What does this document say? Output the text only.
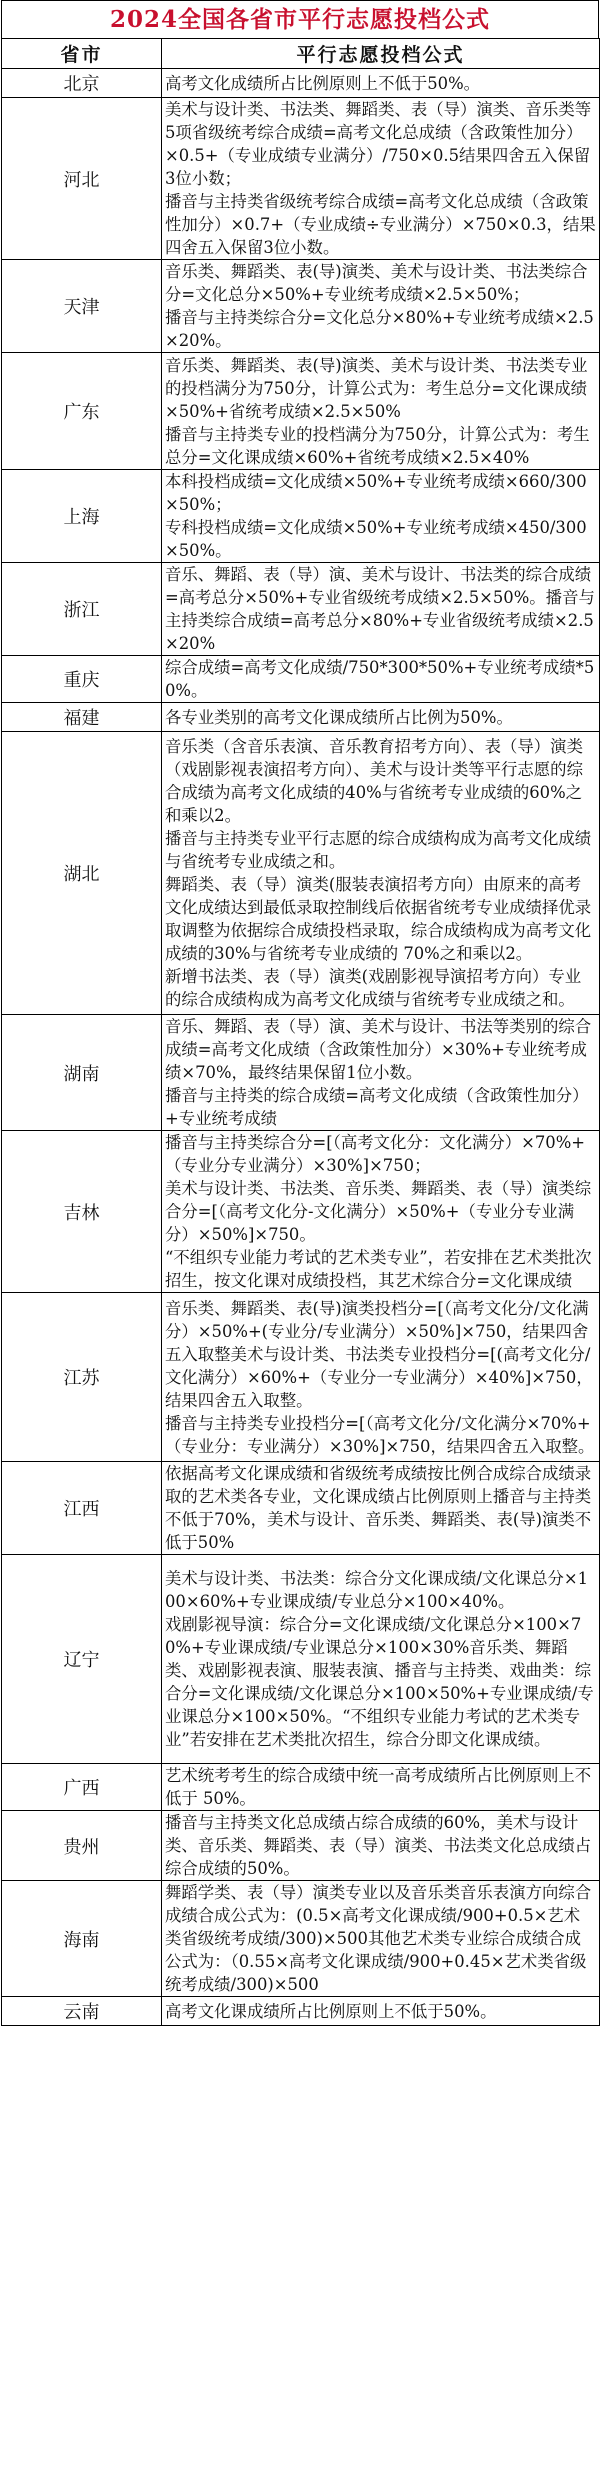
2024全国各省市平行志愿投档公式
省市	平行志愿投档公式
北京	高考文化成绩所占比例原则上不低于50%。

河北	美术与设计类、书法类、舞蹈类、表（导）演类、音乐类等5项省级统考综合成绩=高考文化总成绩（含政策性加分）×0.5+（专业成绩专业满分）/750×0.5结果四舍五入保留3位小数；
播音与主持类省级统考综合成绩=高考文化总成绩（含政策性加分）×0.7+（专业成绩÷专业满分）×750×0.3，结果四舍五入保留3位小数。

天津	音乐类、舞蹈类、表(导)演类、美术与设计类、书法类综合分=文化总分×50%+专业统考成绩×2.5×50%；
播音与主持类综合分=文化总分×80%+专业统考成绩×2.5×20%。

广东	音乐类、舞蹈类、表(导)演类、美术与设计类、书法类专业的投档满分为750分，计算公式为：考生总分=文化课成绩×50%+省统考成绩×2.5×50%
播音与主持类专业的投档满分为750分，计算公式为：考生总分=文化课成绩×60%+省统考成绩×2.5×40%

上海	本科投档成绩=文化成绩×50%+专业统考成绩×660/300×50%；
专科投档成绩=文化成绩×50%+专业统考成绩×450/300×50%。

浙江	音乐、舞蹈、表（导）演、美术与设计、书法类的综合成绩=高考总分×50%+专业省级统考成绩×2.5×50%。播音与主持类综合成绩=高考总分×80%+专业省级统考成绩×2.5×20%

重庆	综合成绩=高考文化成绩/750*300*50%+专业统考成绩*50%。

福建	各专业类别的高考文化课成绩所占比例为50%。

湖北	音乐类（含音乐表演、音乐教育招考方向）、表（导）演类（戏剧影视表演招考方向）、美术与设计类等平行志愿的综合成绩为高考文化成绩的40%与省统考专业成绩的60%之和乘以2。
播音与主持类专业平行志愿的综合成绩构成为高考文化成绩与省统考专业成绩之和。
舞蹈类、表（导）演类(服装表演招考方向）由原来的高考文化成绩达到最低录取控制线后依据省统考专业成绩择优录取调整为依据综合成绩投档录取，综合成绩构成为高考文化成绩的30%与省统考专业成绩的 70%之和乘以2。
新增书法类、表（导）演类(戏剧影视导演招考方向）专业的综合成绩构成为高考文化成绩与省统考专业成绩之和。

湖南	音乐、舞蹈、表（导）演、美术与设计、书法等类别的综合成绩=高考文化成绩（含政策性加分）×30%+专业统考成绩×70%，最终结果保留1位小数。
播音与主持类的综合成绩=高考文化成绩（含政策性加分）+专业统考成绩

吉林	播音与主持类综合分=[（高考文化分：文化满分）×70%+（专业分专业满分）×30%]×750；
美术与设计类、书法类、音乐类、舞蹈类、表（导）演类综合分=[（高考文化分-文化满分）×50%+（专业分专业满分）×50%]×750。
“不组织专业能力考试的艺术类专业”，若安排在艺术类批次招生，按文化课对成绩投档，其艺术综合分=文化课成绩

江苏	音乐类、舞蹈类、表(导)演类投档分=[（高考文化分/文化满分）×50%+(专业分/专业满分）×50%]×750，结果四舍五入取整美术与设计类、书法类专业投档分=[(高考文化分/文化满分）×60%+（专业分一专业满分）×40%]×750，结果四舍五入取整。
播音与主持类专业投档分=[（高考文化分/文化满分×70%+（专业分：专业满分）×30%]×750，结果四舍五入取整。

江西	依据高考文化课成绩和省级统考成绩按比例合成综合成绩录取的艺术类各专业，文化课成绩占比例原则上播音与主持类不低于70%，美术与设计、音乐类、舞蹈类、表(导)演类不低于50%

辽宁	美术与设计类、书法类：综合分文化课成绩/文化课总分×100×60%+专业课成绩/专业总分×100×40%。
戏剧影视导演：综合分=文化课成绩/文化课总分×100×70%+专业课成绩/专业课总分×100×30%音乐类、舞蹈类、戏剧影视表演、服装表演、播音与主持类、戏曲类：综合分=文化课成绩/文化课总分×100×50%+专业课成绩/专业课总分×100×50%。“不组织专业能力考试的艺术类专业”若安排在艺术类批次招生，综合分即文化课成绩。

广西	艺术统考考生的综合成绩中统一高考成绩所占比例原则上不低于 50%。

贵州	播音与主持类文化总成绩占综合成绩的60%，美术与设计类、音乐类、舞蹈类、表（导）演类、书法类文化总成绩占综合成绩的50%。

海南	舞蹈学类、表（导）演类专业以及音乐类音乐表演方向综合成绩合成公式为：(0.5×高考文化课成绩/900+0.5×艺术类省级统考成绩/300)×500其他艺术类专业综合成绩合成公式为：（0.55×高考文化课成绩/900+0.45×艺术类省级统考成绩/300)×500

云南	高考文化课成绩所占比例原则上不低于50%。
